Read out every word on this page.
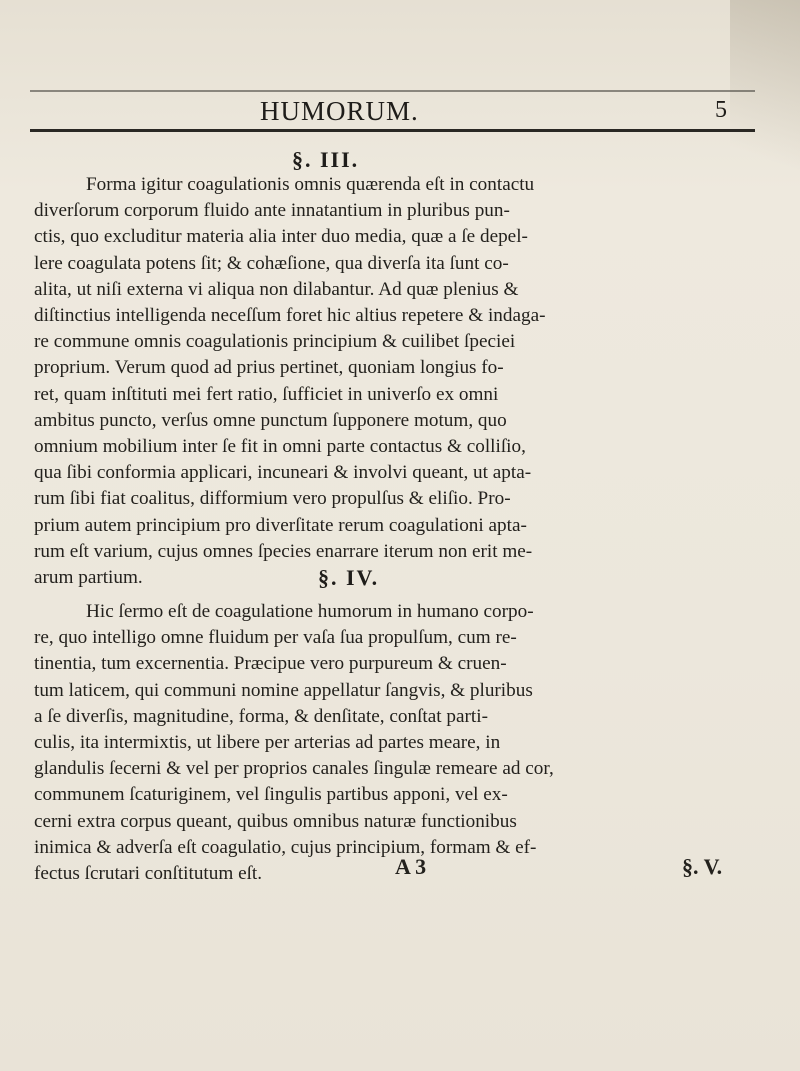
HUMORUM.	5
§. III.
Forma igitur coagulationis omnis quærenda eſt in contactu
diverſorum corporum fluido ante innatantium in pluribus pun-
ctis, quo excluditur materia alia inter duo media, quæ a ſe depel-
lere coagulata potens ſit; & cohæſione, qua diverſa ita ſunt co-
alita, ut niſi externa vi aliqua non dilabantur. Ad quæ plenius &
diſtinctius intelligenda neceſſum foret hic altius repetere & indaga-
re commune omnis coagulationis principium & cuilibet ſpeciei
proprium. Verum quod ad prius pertinet, quoniam longius fo-
ret, quam inſtituti mei fert ratio, ſufficiet in univerſo ex omni
ambitus puncto, verſus omne punctum ſupponere motum, quo
omnium mobilium inter ſe fit in omni parte contactus & colliſio,
qua ſibi conformia applicari, incuneari & involvi queant, ut apta-
rum ſibi fiat coalitus, difformium vero propulſus & eliſio. Pro-
prium autem principium pro diverſitate rerum coagulationi apta-
rum eſt varium, cujus omnes ſpecies enarrare iterum non erit me-
arum partium.	§. IV.
Hic ſermo eſt de coagulatione humorum in humano corpo-
re, quo intelligo omne fluidum per vaſa ſua propulſum, cum re-
tinentia, tum excernentia. Præcipue vero purpureum & cruen-
tum laticem, qui communi nomine appellatur ſangvis, & pluribus
a ſe diverſis, magnitudine, forma, & denſitate, conſtat parti-
culis, ita intermixtis, ut libere per arterias ad partes meare, in
glandulis ſecerni & vel per proprios canales ſingulæ remeare ad cor,
communem ſcaturiginem, vel ſingulis partibus apponi, vel ex-
cerni extra corpus queant, quibus omnibus naturæ functionibus
inimica & adverſa eſt coagulatio, cujus principium, formam & ef-
fectus ſcrutari conſtitutum eſt.	A 3	§. V.
